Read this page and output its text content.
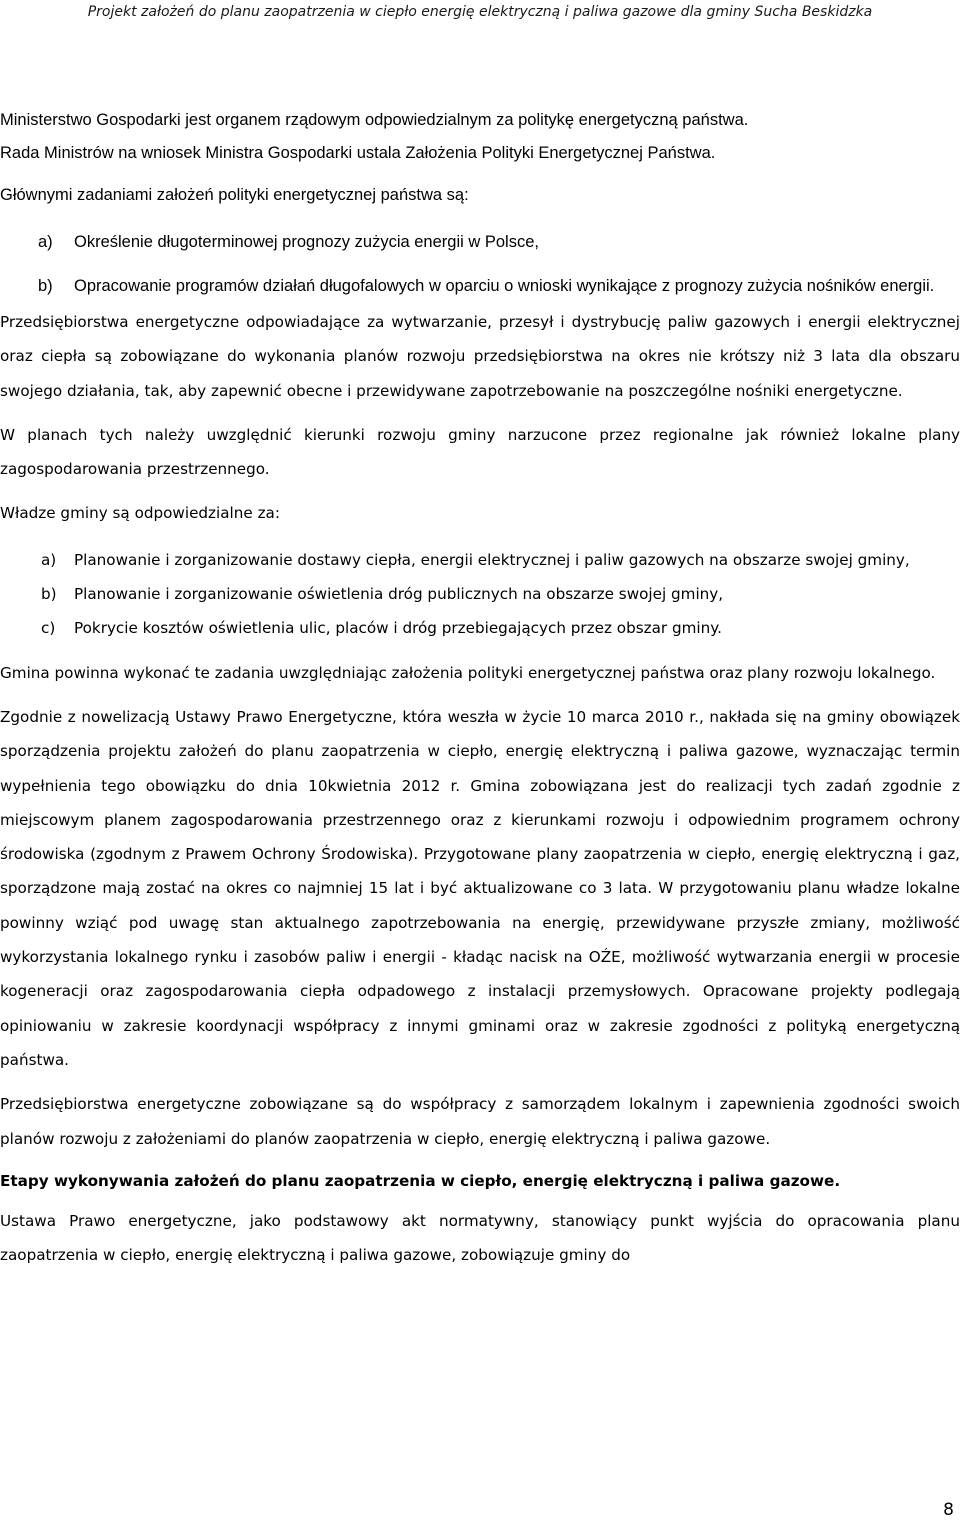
Projekt założeń do planu zaopatrzenia w ciepło energię elektryczną i paliwa gazowe dla gminy Sucha Beskidzka

Ministerstwo Gospodarki jest organem rządowym odpowiedzialnym za politykę energetyczną państwa.

Rada Ministrów na wniosek Ministra Gospodarki ustala Założenia Polityki Energetycznej Państwa.

Głównymi zadaniami założeń polityki energetycznej państwa są:

a) Określenie długoterminowej prognozy zużycia energii w Polsce,
b) Opracowanie programów działań długofalowych w oparciu o wnioski wynikające z prognozy zużycia nośników energii.

Przedsiębiorstwa energetyczne odpowiadające za wytwarzanie, przesył i dystrybucję paliw gazowych i energii elektrycznej oraz ciepła są zobowiązane do wykonania planów rozwoju przedsiębiorstwa na okres nie krótszy niż 3 lata dla obszaru swojego działania, tak, aby zapewnić obecne i przewidywane zapotrzebowanie na poszczególne nośniki energetyczne.

W planach tych należy uwzględnić kierunki rozwoju gminy narzucone przez regionalne jak również lokalne plany zagospodarowania przestrzennego.

Władze gminy są odpowiedzialne za:

a) Planowanie i zorganizowanie dostawy ciepła, energii elektrycznej i paliw gazowych na obszarze swojej gminy,
b) Planowanie i zorganizowanie oświetlenia dróg publicznych na obszarze swojej gminy,
c) Pokrycie kosztów oświetlenia ulic, placów i dróg przebiegających przez obszar gminy.

Gmina powinna wykonać te zadania uwzględniając założenia polityki energetycznej państwa oraz plany rozwoju lokalnego.

Zgodnie z nowelizacją Ustawy Prawo Energetyczne, która weszła w życie 10 marca 2010 r., nakłada się na gminy obowiązek sporządzenia projektu założeń do planu zaopatrzenia w ciepło, energię elektryczną i paliwa gazowe, wyznaczając termin wypełnienia tego obowiązku do dnia 10kwietnia 2012 r. Gmina zobowiązana jest do realizacji tych zadań zgodnie z miejscowym planem zagospodarowania przestrzennego oraz z kierunkami rozwoju i odpowiednim programem ochrony środowiska (zgodnym z Prawem Ochrony Środowiska). Przygotowane plany zaopatrzenia w ciepło, energię elektryczną i gaz, sporządzone mają zostać na okres co najmniej 15 lat i być aktualizowane co 3 lata. W przygotowaniu planu władze lokalne powinny wziąć pod uwagę stan aktualnego zapotrzebowania na energię, przewidywane przyszłe zmiany, możliwość wykorzystania lokalnego rynku i zasobów paliw i energii - kładąc nacisk na OŹE, możliwość wytwarzania energii w procesie kogeneracji oraz zagospodarowania ciepła odpadowego z instalacji przemysłowych. Opracowane projekty podlegają opiniowaniu w zakresie koordynacji współpracy z innymi gminami oraz w zakresie zgodności z polityką energetyczną państwa.

Przedsiębiorstwa energetyczne zobowiązane są do współpracy z samorządem lokalnym i zapewnienia zgodności swoich planów rozwoju z założeniami do planów zaopatrzenia w ciepło, energię elektryczną i paliwa gazowe.

Etapy wykonywania założeń do planu zaopatrzenia w ciepło, energię elektryczną i paliwa gazowe.

Ustawa Prawo energetyczne, jako podstawowy akt normatywny, stanowiący punkt wyjścia do opracowania planu zaopatrzenia w ciepło, energię elektryczną i paliwa gazowe, zobowiązuje gminy do

8
